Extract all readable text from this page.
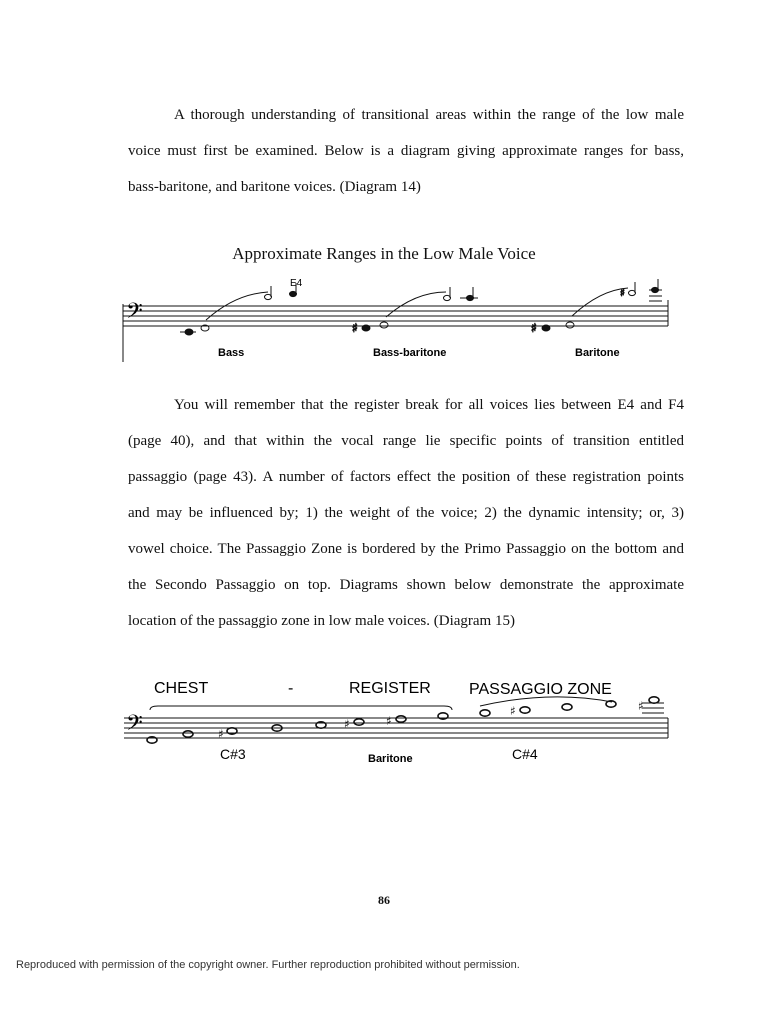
A thorough understanding of transitional areas within the range of the low male
voice must first be examined. Below is a diagram giving approximate ranges for bass,
bass-baritone, and baritone voices. (Diagram 14)
Approximate Ranges in the Low Male Voice
𝄢
E4
♯	♯
♯
Bass	Bass-baritone	Baritone
You will remember that the register break for all voices lies between E4 and F4
(page 40), and that within the vocal range lie specific points of transition entitled
passaggio (page 43). A number of factors effect the position of these registration points
and may be influenced by; 1) the weight of the voice; 2) the dynamic intensity; or, 3)
vowel choice. The Passaggio Zone is bordered by the Primo Passaggio on the bottom and
the Secondo Passaggio on top. Diagrams shown below demonstrate the approximate
location of the passaggio zone in low male voices. (Diagram 15)
CHEST	-	REGISTER PASSAGGIO ZONE
𝄢	♯
♯	♯
♯	♯
C#3	Baritone	C#4
86
Reproduced with permission of the copyright owner. Further reproduction prohibited without permission.
